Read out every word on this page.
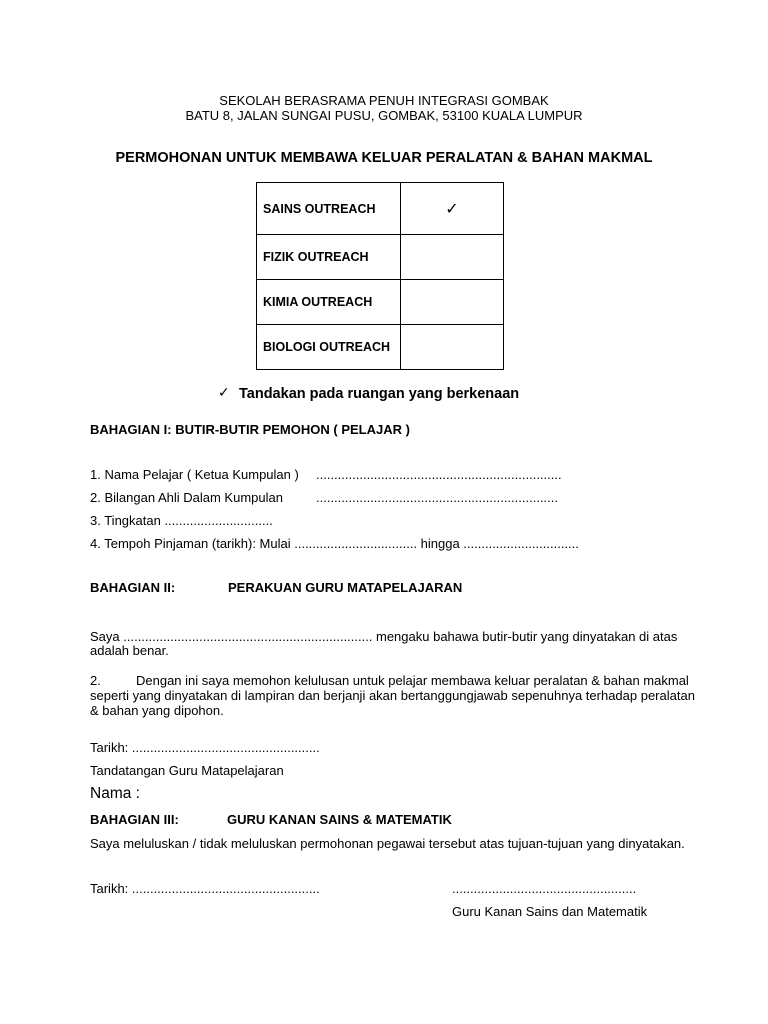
SEKOLAH BERASRAMA PENUH INTEGRASI GOMBAK
BATU 8, JALAN SUNGAI PUSU, GOMBAK, 53100 KUALA LUMPUR
PERMOHONAN UNTUK MEMBAWA KELUAR PERALATAN & BAHAN MAKMAL
SAINS OUTREACH	✓
FIZIK OUTREACH	
KIMIA OUTREACH	
BIOLOGI OUTREACH	
✓ Tandakan pada ruangan yang berkenaan
BAHAGIAN I: BUTIR-BUTIR PEMOHON ( PELAJAR )
1. Nama Pelajar ( Ketua Kumpulan ) ....................................................................
2. Bilangan Ahli Dalam Kumpulan	...................................................................
3. Tingkatan ..............................
4. Tempoh Pinjaman (tarikh): Mulai .................................. hingga ................................
BAHAGIAN II:	PERAKUAN GURU MATAPELAJARAN
Saya ..................................................................... mengaku bahawa butir-butir yang dinyatakan di atas
adalah benar.
2.	Dengan ini saya memohon kelulusan untuk pelajar membawa keluar peralatan & bahan makmal
seperti yang dinyatakan di lampiran dan berjanji akan bertanggungjawab sepenuhnya terhadap peralatan
& bahan yang dipohon.
Tarikh: ....................................................
Tandatangan Guru Matapelajaran
Nama :
BAHAGIAN III:	GURU KANAN SAINS & MATEMATIK
Saya meluluskan / tidak meluluskan permohonan pegawai tersebut atas tujuan-tujuan yang dinyatakan.
Tarikh: ....................................................	...................................................
Guru Kanan Sains dan Matematik
